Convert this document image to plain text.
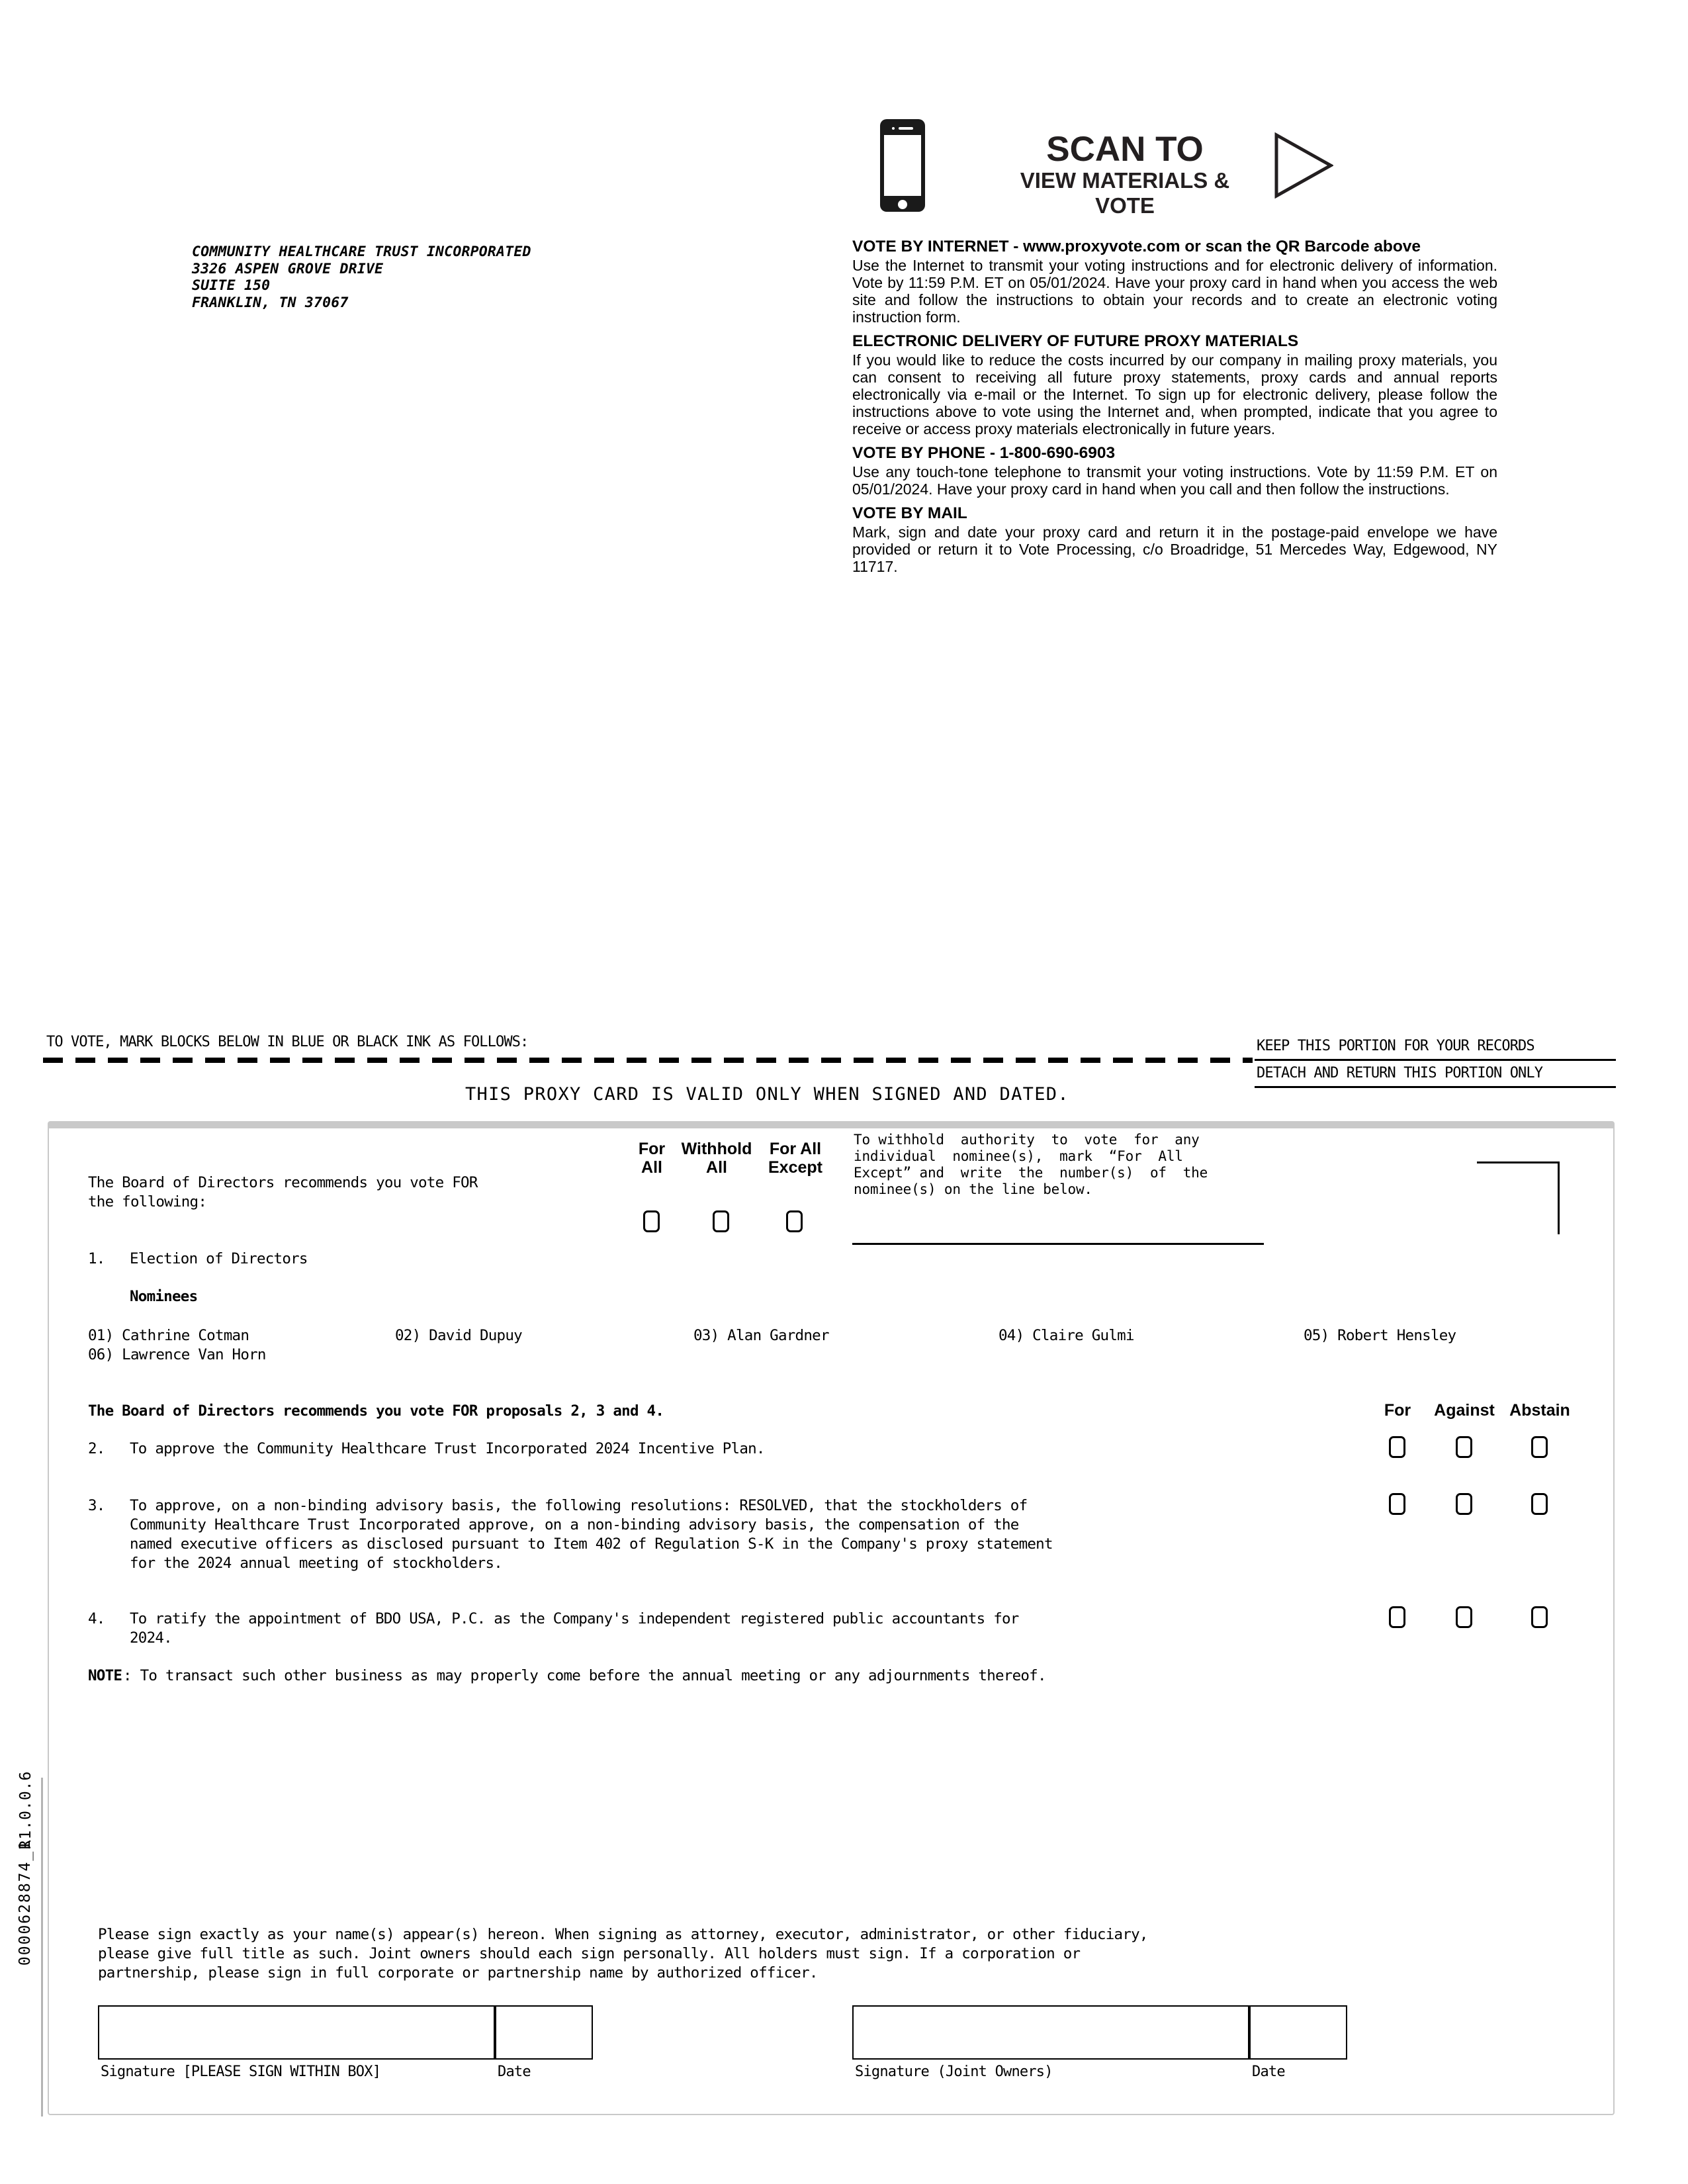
SCAN TO
VIEW MATERIALS & VOTE
COMMUNITY HEALTHCARE TRUST INCORPORATED
3326 ASPEN GROVE DRIVE
SUITE 150
FRANKLIN, TN 37067
VOTE BY INTERNET - www.proxyvote.com or scan the QR Barcode above
Use the Internet to transmit your voting instructions and for electronic delivery of information. Vote by 11:59 P.M. ET on 05/01/2024. Have your proxy card in hand when you access the web site and follow the instructions to obtain your records and to create an electronic voting instruction form.
ELECTRONIC DELIVERY OF FUTURE PROXY MATERIALS
If you would like to reduce the costs incurred by our company in mailing proxy materials, you can consent to receiving all future proxy statements, proxy cards and annual reports electronically via e-mail or the Internet. To sign up for electronic delivery, please follow the instructions above to vote using the Internet and, when prompted, indicate that you agree to receive or access proxy materials electronically in future years.
VOTE BY PHONE - 1-800-690-6903
Use any touch-tone telephone to transmit your voting instructions. Vote by 11:59 P.M. ET on 05/01/2024. Have your proxy card in hand when you call and then follow the instructions.
VOTE BY MAIL
Mark, sign and date your proxy card and return it in the postage-paid envelope we have provided or return it to Vote Processing, c/o Broadridge, 51 Mercedes Way, Edgewood, NY 11717.
TO VOTE, MARK BLOCKS BELOW IN BLUE OR BLACK INK AS FOLLOWS:	KEEP THIS PORTION FOR YOUR RECORDS
DETACH AND RETURN THIS PORTION ONLY
THIS PROXY CARD IS VALID ONLY WHEN SIGNED AND DATED.
For
All
Withhold
All
For All
Except
The Board of Directors recommends you vote FOR
the following:
To withhold  authority  to  vote  for  any
individual  nominee(s),  mark  “For  All
Except” and  write  the  number(s)  of  the
nominee(s) on the line below.
1. Election of Directors
Nominees
01) Cathrine Cotman	02) David Dupuy	03) Alan Gardner	04) Claire Gulmi	05) Robert Hensley
06) Lawrence Van Horn
The Board of Directors recommends you vote FOR proposals 2, 3 and 4.	For	Against Abstain
2. To approve the Community Healthcare Trust Incorporated 2024 Incentive Plan.
3. To approve, on a non-binding advisory basis, the following resolutions: RESOLVED, that the stockholders of
Community Healthcare Trust Incorporated approve, on a non-binding advisory basis, the compensation of the
named executive officers as disclosed pursuant to Item 402 of Regulation S-K in the Company's proxy statement
for the 2024 annual meeting of stockholders.
4. To ratify the appointment of BDO USA, P.C. as the Company's independent registered public accountants for
2024.
NOTE : To transact such other business as may properly come before the annual meeting or any adjournments thereof.
Please sign exactly as your name(s) appear(s) hereon. When signing as attorney, executor, administrator, or other fiduciary,
please give full title as such. Joint owners should each sign personally. All holders must sign. If a corporation or
partnership, please sign in full corporate or partnership name by authorized officer.
Signature [PLEASE SIGN WITHIN BOX]	Date	Signature (Joint Owners)	Date
0000628874_1
R1.0.0.6
